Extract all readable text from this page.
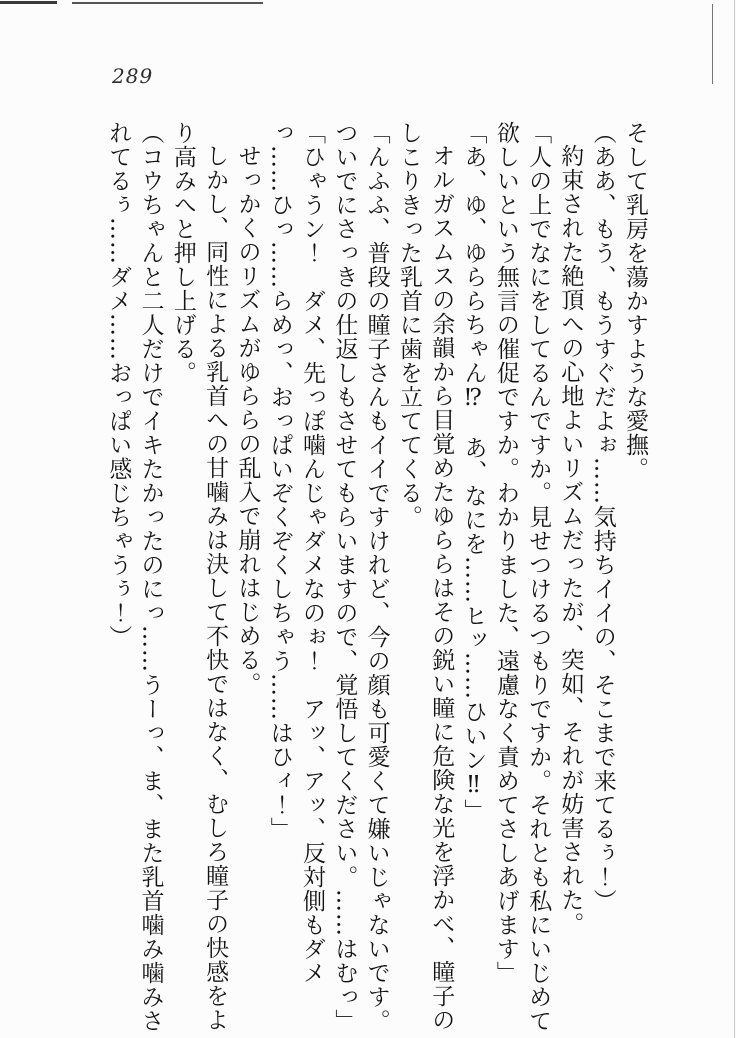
289

そして乳房を蕩かすような愛撫。

（ああ、もう、もうすぐだよぉ……気持ちイイの、そこまで来てるぅ！）

約束された絶頂への心地よいリズムだったが、突如、それが妨害された。

「人の上でなにをしてるんですか。見せつけるつもりですか。それとも私にいじめて欲しいという無言の催促ですか。わかりました、遠慮なく責めてさしあげます」

「あ、ゆ、ゆららちゃん⁉　あ、なにを……ヒッ……ひいン‼」

オルガスムスの余韻から目覚めたゆららはその鋭い瞳に危険な光を浮かべ、瞳子のしこりきった乳首に歯を立ててくる。

「んふふ、普段の瞳子さんもイイですけれど、今の顔も可愛くて嫌いじゃないです。ついでにさっきの仕返しもさせてもらいますので、覚悟してください。……はむっ」

「ひゃうン！　ダメ、先っぽ噛んじゃダメなのぉ！　アッ、アッ、反対側もダメっ……ひっ……らめっ、おっぱいぞくぞくしちゃう……はひィ！」

せっかくのリズムがゆららの乱入で崩れはじめる。

しかし、同性による乳首への甘噛みは決して不快ではなく、むしろ瞳子の快感をより高みへと押し上げる。

（コウちゃんと二人だけでイキたかったのにっ……うーっ、ま、また乳首噛み噛みされてるぅ……ダメ……おっぱい感じちゃうぅ！）
